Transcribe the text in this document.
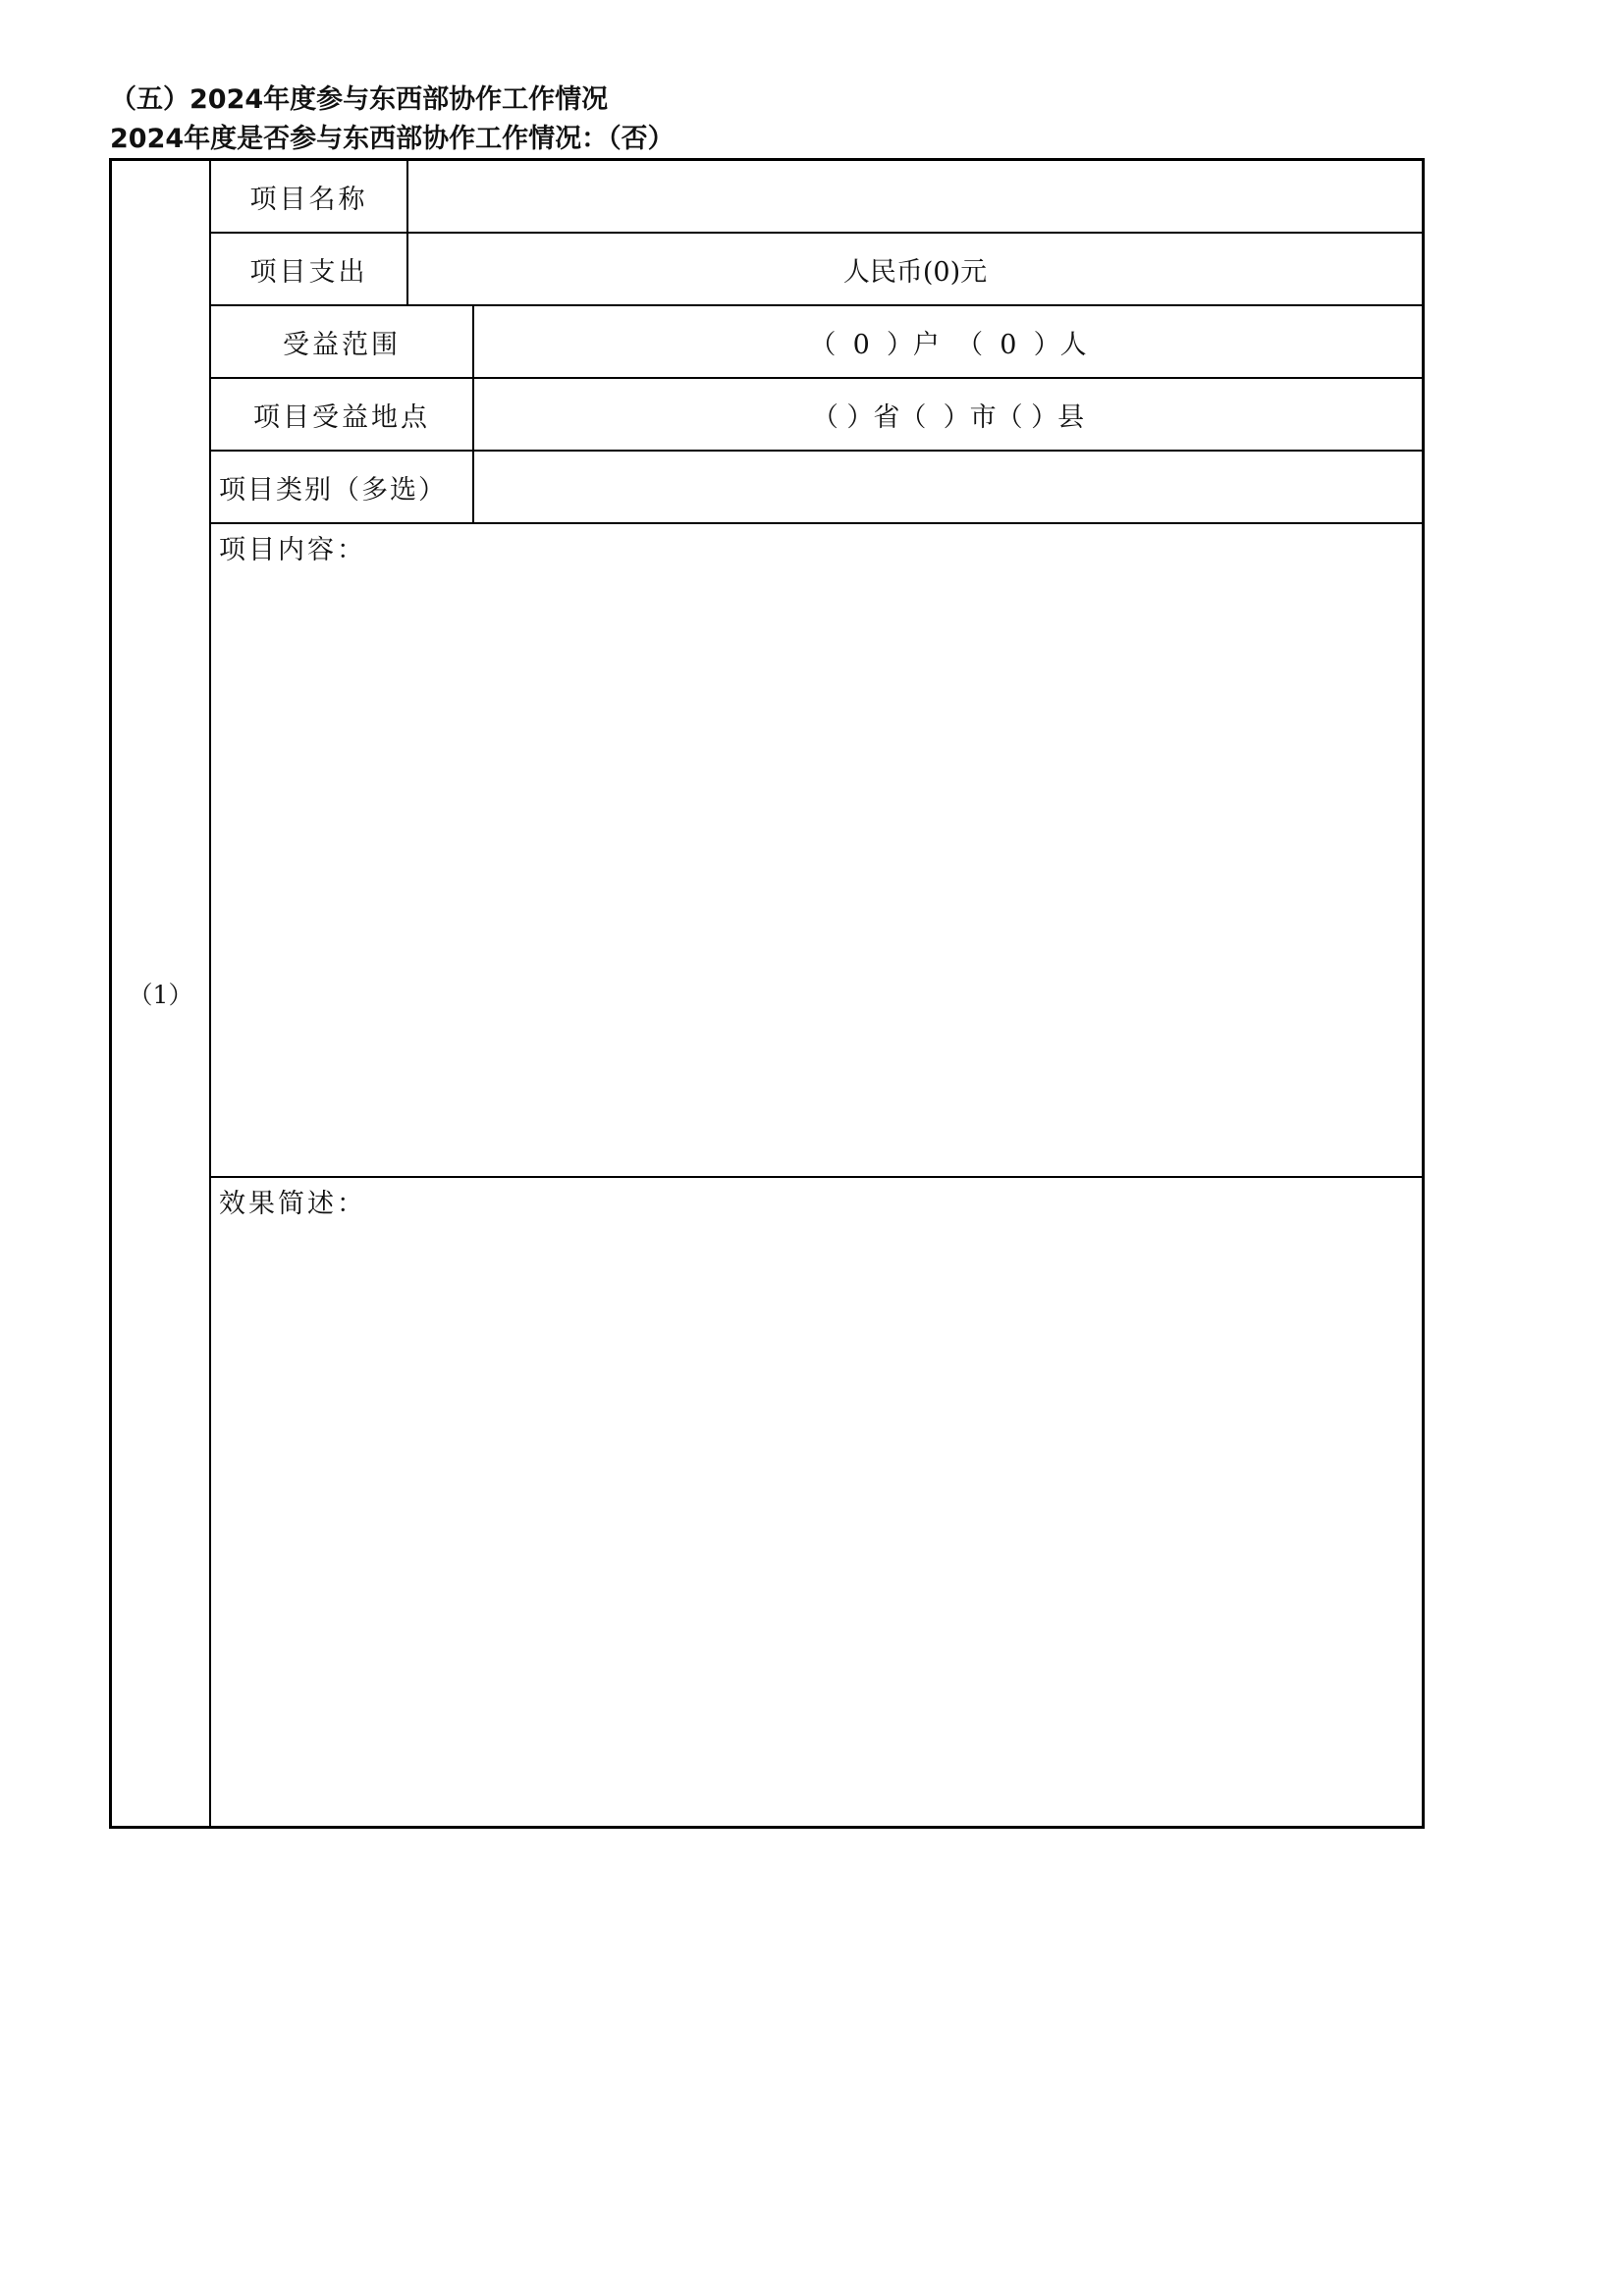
（五）2024年度参与东西部协作工作情况
2024年度是否参与东西部协作工作情况：（否）
（1）
项目名称
项目支出	人民币(0)元
受益范围	（  0  ）户  （  0  ）人
项目受益地点	（ ）省（  ）市（ ）县
项目类别（多选）
项目内容：
效果简述：
